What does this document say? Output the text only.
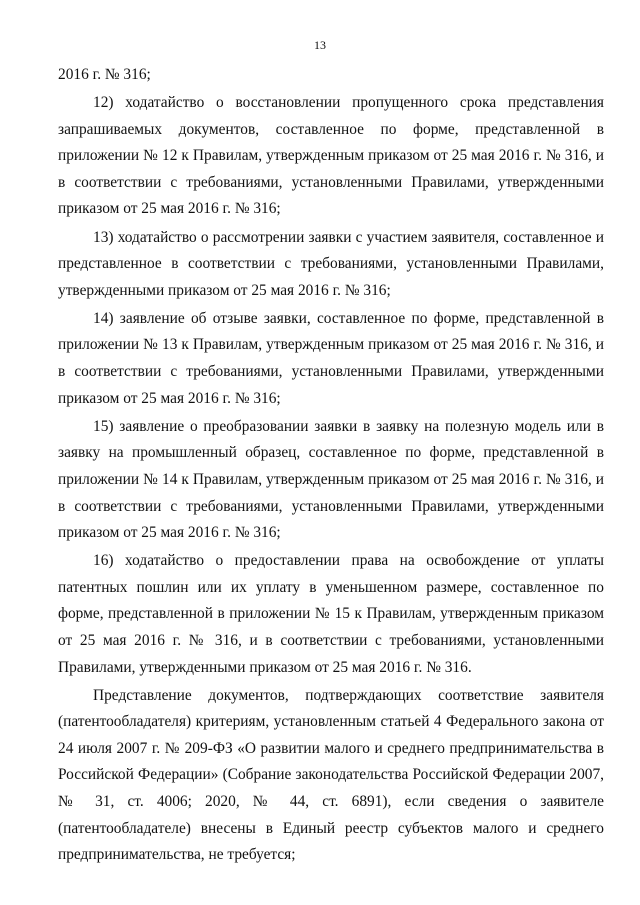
13

2016 г. № 316;

12) ходатайство о восстановлении пропущенного срока представления запрашиваемых документов, составленное по форме, представленной в приложении № 12 к Правилам, утвержденным приказом от 25 мая 2016 г. № 316, и в соответствии с требованиями, установленными Правилами, утвержденными приказом от 25 мая 2016 г. № 316;

13) ходатайство о рассмотрении заявки с участием заявителя, составленное и представленное в соответствии с требованиями, установленными Правилами, утвержденными приказом от 25 мая 2016 г. № 316;

14) заявление об отзыве заявки, составленное по форме, представленной в приложении № 13 к Правилам, утвержденным приказом от 25 мая 2016 г. № 316, и в соответствии с требованиями, установленными Правилами, утвержденными приказом от 25 мая 2016 г. № 316;

15) заявление о преобразовании заявки в заявку на полезную модель или в заявку на промышленный образец, составленное по форме, представленной в приложении № 14 к Правилам, утвержденным приказом от 25 мая 2016 г. № 316, и в соответствии с требованиями, установленными Правилами, утвержденными приказом от 25 мая 2016 г. № 316;

16) ходатайство о предоставлении права на освобождение от уплаты патентных пошлин или их уплату в уменьшенном размере, составленное по форме, представленной в приложении № 15 к Правилам, утвержденным приказом от 25 мая 2016 г. № 316, и в соответствии с требованиями, установленными Правилами, утвержденными приказом от 25 мая 2016 г. № 316.

Представление документов, подтверждающих соответствие заявителя (патентообладателя) критериям, установленным статьей 4 Федерального закона от 24 июля 2007 г. № 209-ФЗ «О развитии малого и среднего предпринимательства в Российской Федерации» (Собрание законодательства Российской Федерации 2007, № 31, ст. 4006; 2020, № 44, ст. 6891), если сведения о заявителе (патентообладателе) внесены в Единый реестр субъектов малого и среднего предпринимательства, не требуется;
